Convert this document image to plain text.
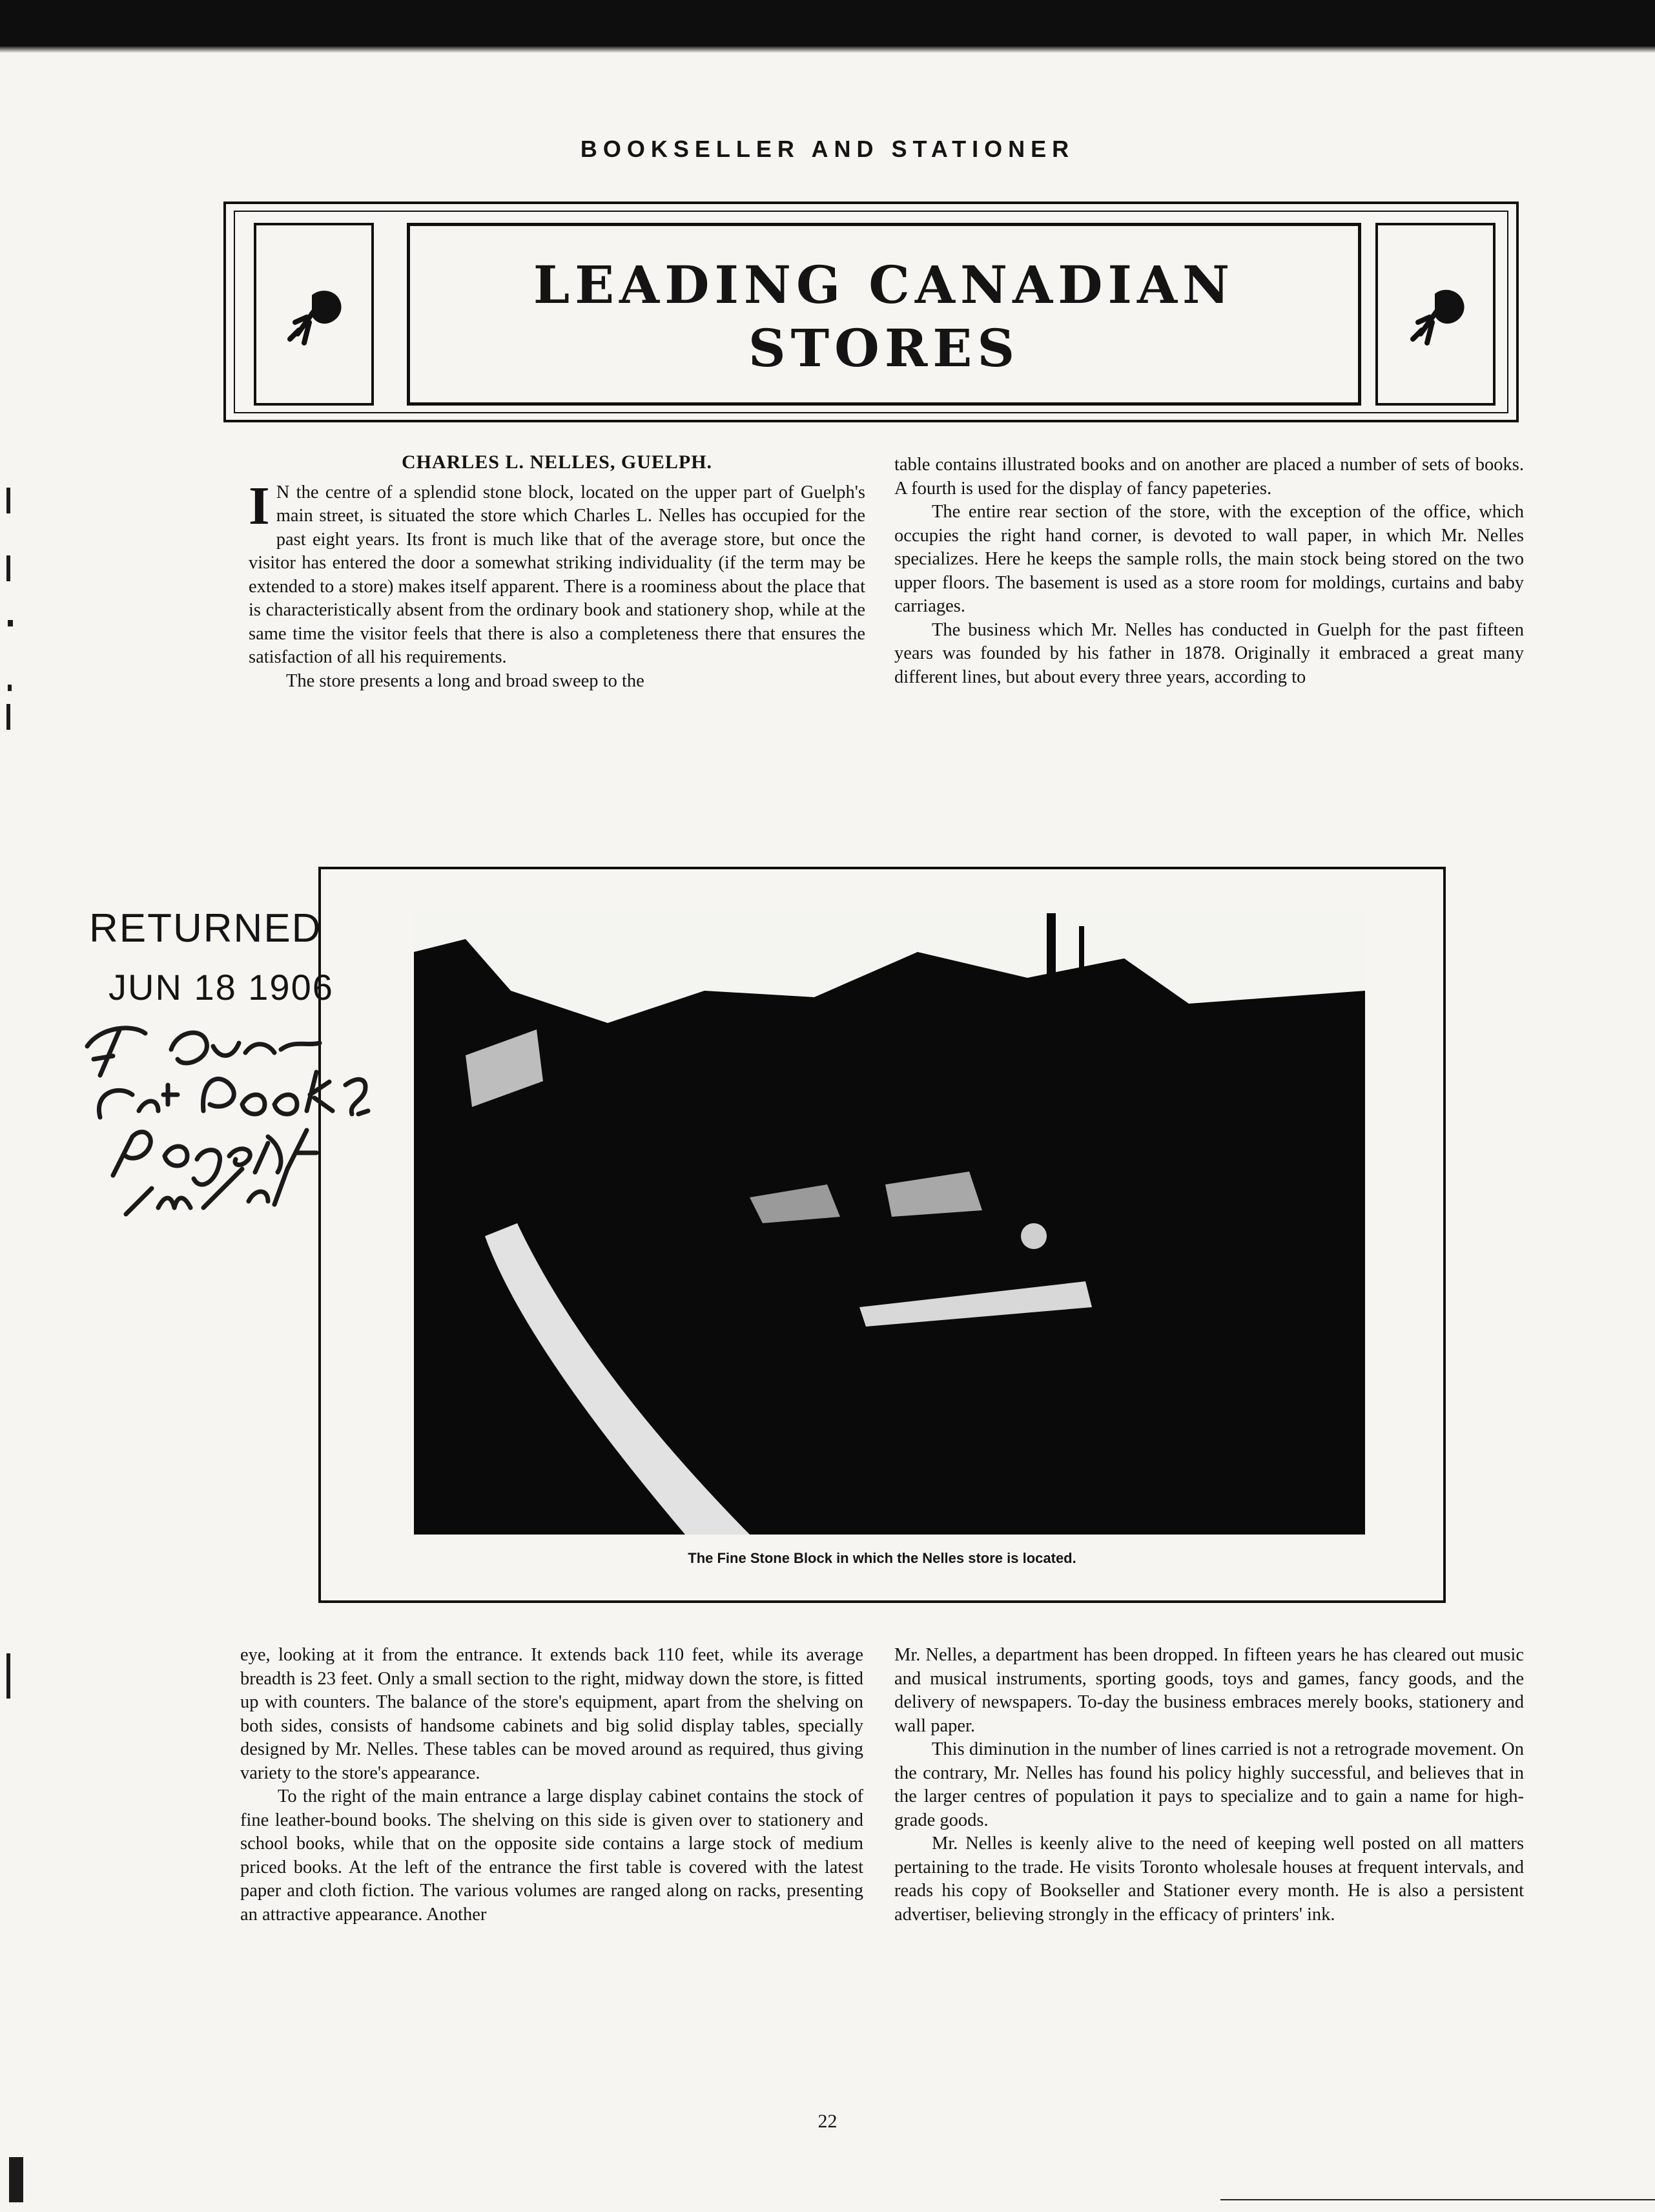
BOOKSELLER AND STATIONER
LEADING CANADIAN
STORES
CHARLES L. NELLES, GUELPH.

I N the centre of a splendid stone block, located on the upper part of Guelph's main street, is situated the store which Charles L. Nelles has occupied for the past eight years. Its front is much like that of the average store, but once the visitor has entered the door a somewhat striking individuality (if the term may be extended to a store) makes itself apparent. There is a roominess about the place that is characteristically absent from the ordinary book and stationery shop, while at the same time the visitor feels that there is also a completeness there that ensures the satisfaction of all his requirements.

The store presents a long and broad sweep to the

table contains illustrated books and on another are placed a number of sets of books. A fourth is used for the display of fancy papeteries.

The entire rear section of the store, with the exception of the office, which occupies the right hand corner, is devoted to wall paper, in which Mr. Nelles specializes. Here he keeps the sample rolls, the main stock being stored on the two upper floors. The basement is used as a store room for moldings, curtains and baby carriages.

The business which Mr. Nelles has conducted in Guelph for the past fifteen years was founded by his father in 1878. Originally it embraced a great many different lines, but about every three years, according to

The Fine Stone Block in which the Nelles store is located.
RETURNED
JUN 18 1906

eye, looking at it from the entrance. It extends back 110 feet, while its average breadth is 23 feet. Only a small section to the right, midway down the store, is fitted up with counters. The balance of the store's equipment, apart from the shelving on both sides, consists of handsome cabinets and big solid display tables, specially designed by Mr. Nelles. These tables can be moved around as required, thus giving variety to the store's appearance.

To the right of the main entrance a large display cabinet contains the stock of fine leather-bound books. The shelving on this side is given over to stationery and school books, while that on the opposite side contains a large stock of medium priced books. At the left of the entrance the first table is covered with the latest paper and cloth fiction. The various volumes are ranged along on racks, presenting an attractive appearance. Another

Mr. Nelles, a department has been dropped. In fifteen years he has cleared out music and musical instruments, sporting goods, toys and games, fancy goods, and the delivery of newspapers. To-day the business embraces merely books, stationery and wall paper.

This diminution in the number of lines carried is not a retrograde movement. On the contrary, Mr. Nelles has found his policy highly successful, and believes that in the larger centres of population it pays to specialize and to gain a name for high-grade goods.

Mr. Nelles is keenly alive to the need of keeping well posted on all matters pertaining to the trade. He visits Toronto wholesale houses at frequent intervals, and reads his copy of Bookseller and Stationer every month. He is also a persistent advertiser, believing strongly in the efficacy of printers' ink.

22
